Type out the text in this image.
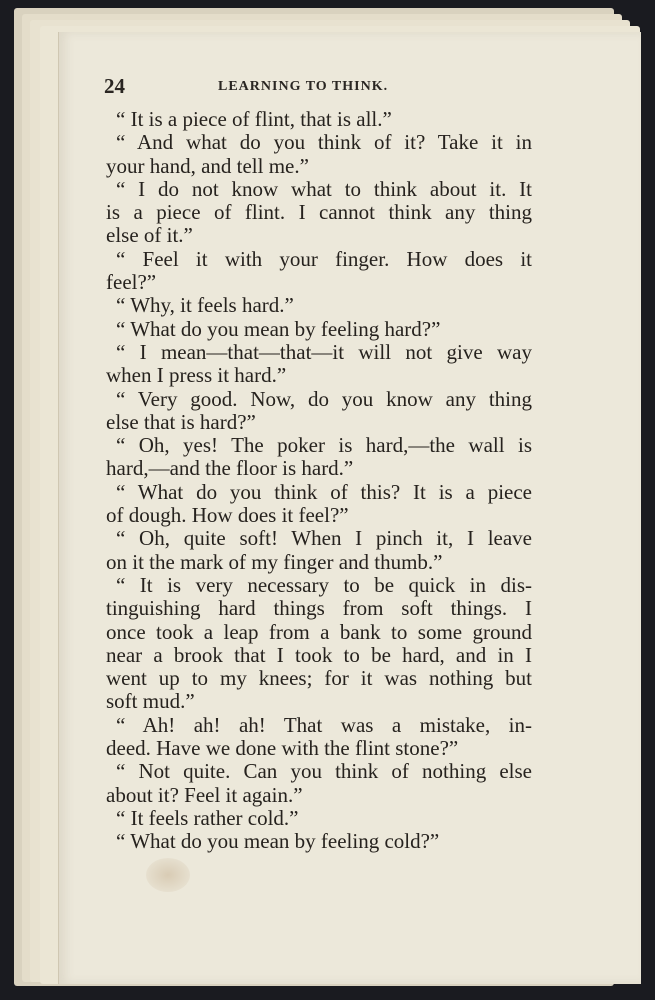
24	LEARNING TO THINK.
“ It is a piece of flint, that is all.”
“ And what do you think of it? Take it in
your hand, and tell me.”
“ I do not know what to think about it. It
is a piece of flint. I cannot think any thing
else of it.”
“ Feel it with your finger. How does it
feel?”
“ Why, it feels hard.”
“ What do you mean by feeling hard?”
“ I mean—that—that—it will not give way
when I press it hard.”
“ Very good. Now, do you know any thing
else that is hard?”
“ Oh, yes! The poker is hard,—the wall is
hard,—and the floor is hard.”
“ What do you think of this? It is a piece
of dough. How does it feel?”
“ Oh, quite soft! When I pinch it, I leave
on it the mark of my finger and thumb.”
“ It is very necessary to be quick in dis-
tinguishing hard things from soft things. I
once took a leap from a bank to some ground
near a brook that I took to be hard, and in I
went up to my knees; for it was nothing but
soft mud.”
“ Ah! ah! ah! That was a mistake, in-
deed. Have we done with the flint stone?”
“ Not quite. Can you think of nothing else
about it? Feel it again.”
“ It feels rather cold.”
“ What do you mean by feeling cold?”
